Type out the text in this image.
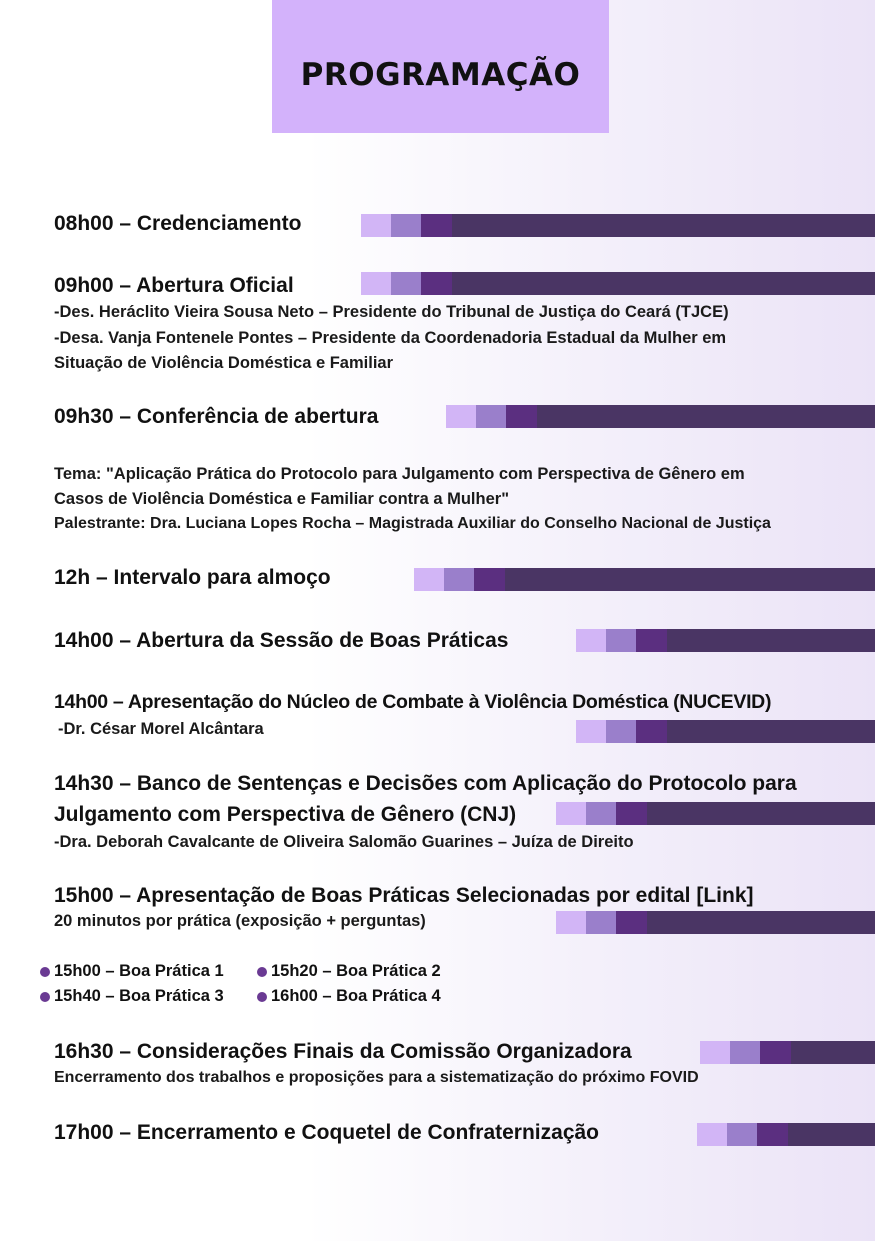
PROGRAMAÇÃO
08h00 – Credenciamento
09h00 – Abertura Oficial
-Des. Heráclito Vieira Sousa Neto – Presidente do Tribunal de Justiça do Ceará (TJCE)
-Desa. Vanja Fontenele Pontes – Presidente da Coordenadoria Estadual da Mulher em
Situação de Violência Doméstica e Familiar
09h30 – Conferência de abertura
Tema: "Aplicação Prática do Protocolo para Julgamento com Perspectiva de Gênero em
Casos de Violência Doméstica e Familiar contra a Mulher"
Palestrante: Dra. Luciana Lopes Rocha – Magistrada Auxiliar do Conselho Nacional de Justiça
12h – Intervalo para almoço
14h00 – Abertura da Sessão de Boas Práticas
14h00 – Apresentação do Núcleo de Combate à Violência Doméstica (NUCEVID)
-Dr. César Morel Alcântara
14h30 – Banco de Sentenças e Decisões com Aplicação do Protocolo para
Julgamento com Perspectiva de Gênero (CNJ)
-Dra. Deborah Cavalcante de Oliveira Salomão Guarines – Juíza de Direito
15h00 – Apresentação de Boas Práticas Selecionadas por edital [Link]
20 minutos por prática (exposição + perguntas)
15h00 – Boa Prática 1	15h20 – Boa Prática 2
15h40 – Boa Prática 3	16h00 – Boa Prática 4
16h30 – Considerações Finais da Comissão Organizadora
Encerramento dos trabalhos e proposições para a sistematização do próximo FOVID
17h00 – Encerramento e Coquetel de Confraternização
